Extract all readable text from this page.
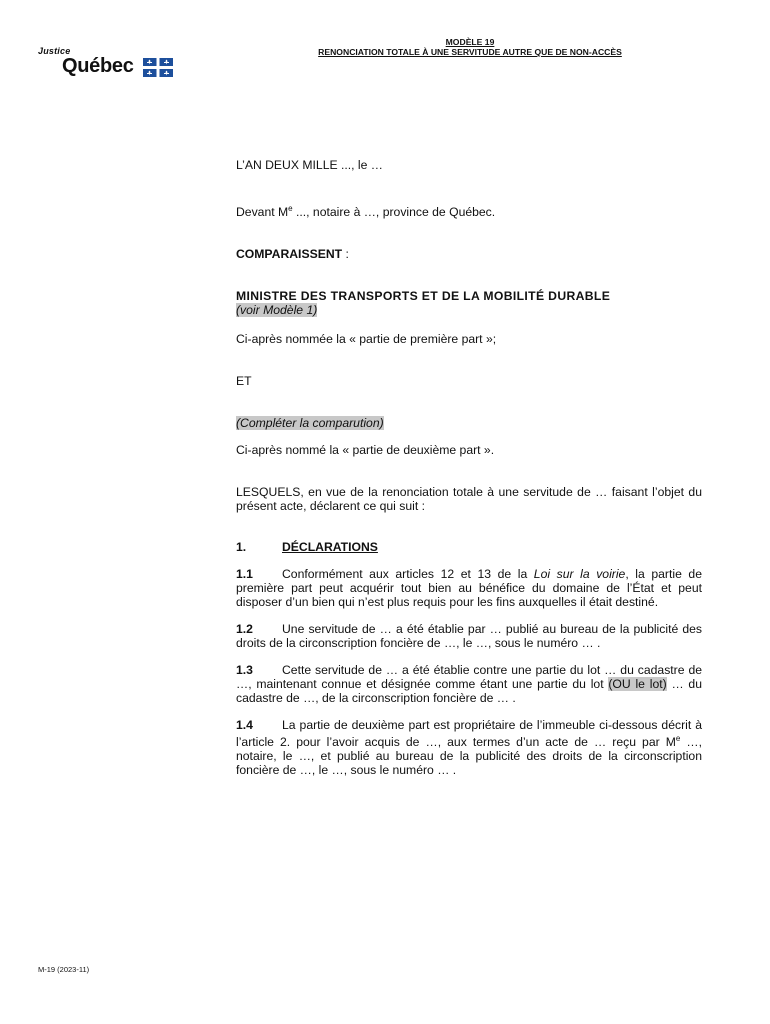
Justice
Québec
MODÈLE 19
RENONCIATION TOTALE À UNE SERVITUDE AUTRE QUE DE NON-ACCÈS

L’AN DEUX MILLE ..., le …

Devant Me ..., notaire à …, province de Québec.

COMPARAISSENT :

MINISTRE DES TRANSPORTS ET DE LA MOBILITÉ DURABLE

(voir Modèle 1)

Ci-après nommée la « partie de première part »;

ET

(Compléter la comparution)

Ci-après nommé la « partie de deuxième part ».

LESQUELS, en vue de la renonciation totale à une servitude de … faisant l’objet du présent acte, déclarent ce qui suit :

1.	DÉCLARATIONS

1.1 Conformément aux articles 12 et 13 de la Loi sur la voirie, la partie de première part peut acquérir tout bien au bénéfice du domaine de l’État et peut disposer d’un bien qui n’est plus requis pour les fins auxquelles il était destiné.

1.2 Une servitude de … a été établie par … publié au bureau de la publicité des droits de la circonscription foncière de …, le …, sous le numéro … .

1.3 Cette servitude de … a été établie contre une partie du lot … du cadastre de …, maintenant connue et désignée comme étant une partie du lot (OU le lot) … du cadastre de …, de la circonscription foncière de … .

1.4 La partie de deuxième part est propriétaire de l’immeuble ci-dessous décrit à l’article 2. pour l’avoir acquis de …, aux termes d’un acte de … reçu par Me …, notaire, le …, et publié au bureau de la publicité des droits de la circonscription foncière de …, le …, sous le numéro … .

M-19 (2023-11)
